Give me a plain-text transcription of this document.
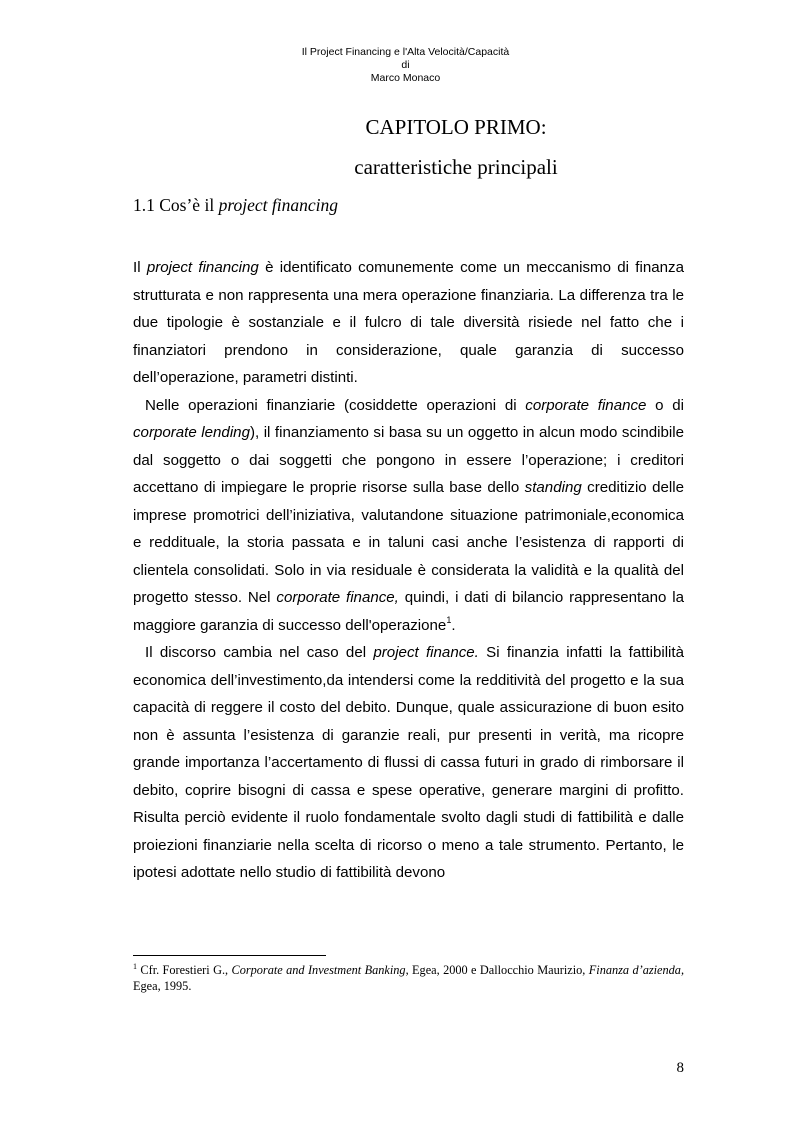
Il Project Financing e l'Alta Velocità/Capacità
di
Marco Monaco
CAPITOLO PRIMO:
caratteristiche principali
1.1 Cos’è il project financing

Il project financing è identificato comunemente come un meccanismo di finanza strutturata e non rappresenta una mera operazione finanziaria. La differenza tra le due tipologie è sostanziale e il fulcro di tale diversità risiede nel fatto che i finanziatori prendono in considerazione, quale garanzia di successo dell’operazione, parametri distinti.

Nelle operazioni finanziarie (cosiddette operazioni di corporate finance o di corporate lending), il finanziamento si basa su un oggetto in alcun modo scindibile dal soggetto o dai soggetti che pongono in essere l’operazione; i creditori accettano di impiegare le proprie risorse sulla base dello standing creditizio delle imprese promotrici dell’iniziativa, valutandone situazione patrimoniale,economica e reddituale, la storia passata e in taluni casi anche l’esistenza di rapporti di clientela consolidati. Solo in via residuale è considerata la validità e la qualità del progetto stesso. Nel corporate finance, quindi, i dati di bilancio rappresentano la maggiore garanzia di successo dell'operazione$^1$.

Il discorso cambia nel caso del project finance. Si finanzia infatti la fattibilità economica dell’investimento,da intendersi come la redditività del progetto e la sua capacità di reggere il costo del debito. Dunque, quale assicurazione di buon esito non è assunta l’esistenza di garanzie reali, pur presenti in verità, ma ricopre grande importanza l’accertamento di flussi di cassa futuri in grado di rimborsare il debito, coprire bisogni di cassa e spese operative, generare margini di profitto. Risulta perciò evidente il ruolo fondamentale svolto dagli studi di fattibilità e dalle proiezioni finanziarie nella scelta di ricorso o meno a tale strumento. Pertanto, le ipotesi adottate nello studio di fattibilità devono

$^1$ Cfr. Forestieri G., Corporate and Investment Banking, Egea, 2000 e Dallocchio Maurizio, Finanza d’azienda, Egea, 1995.
8
